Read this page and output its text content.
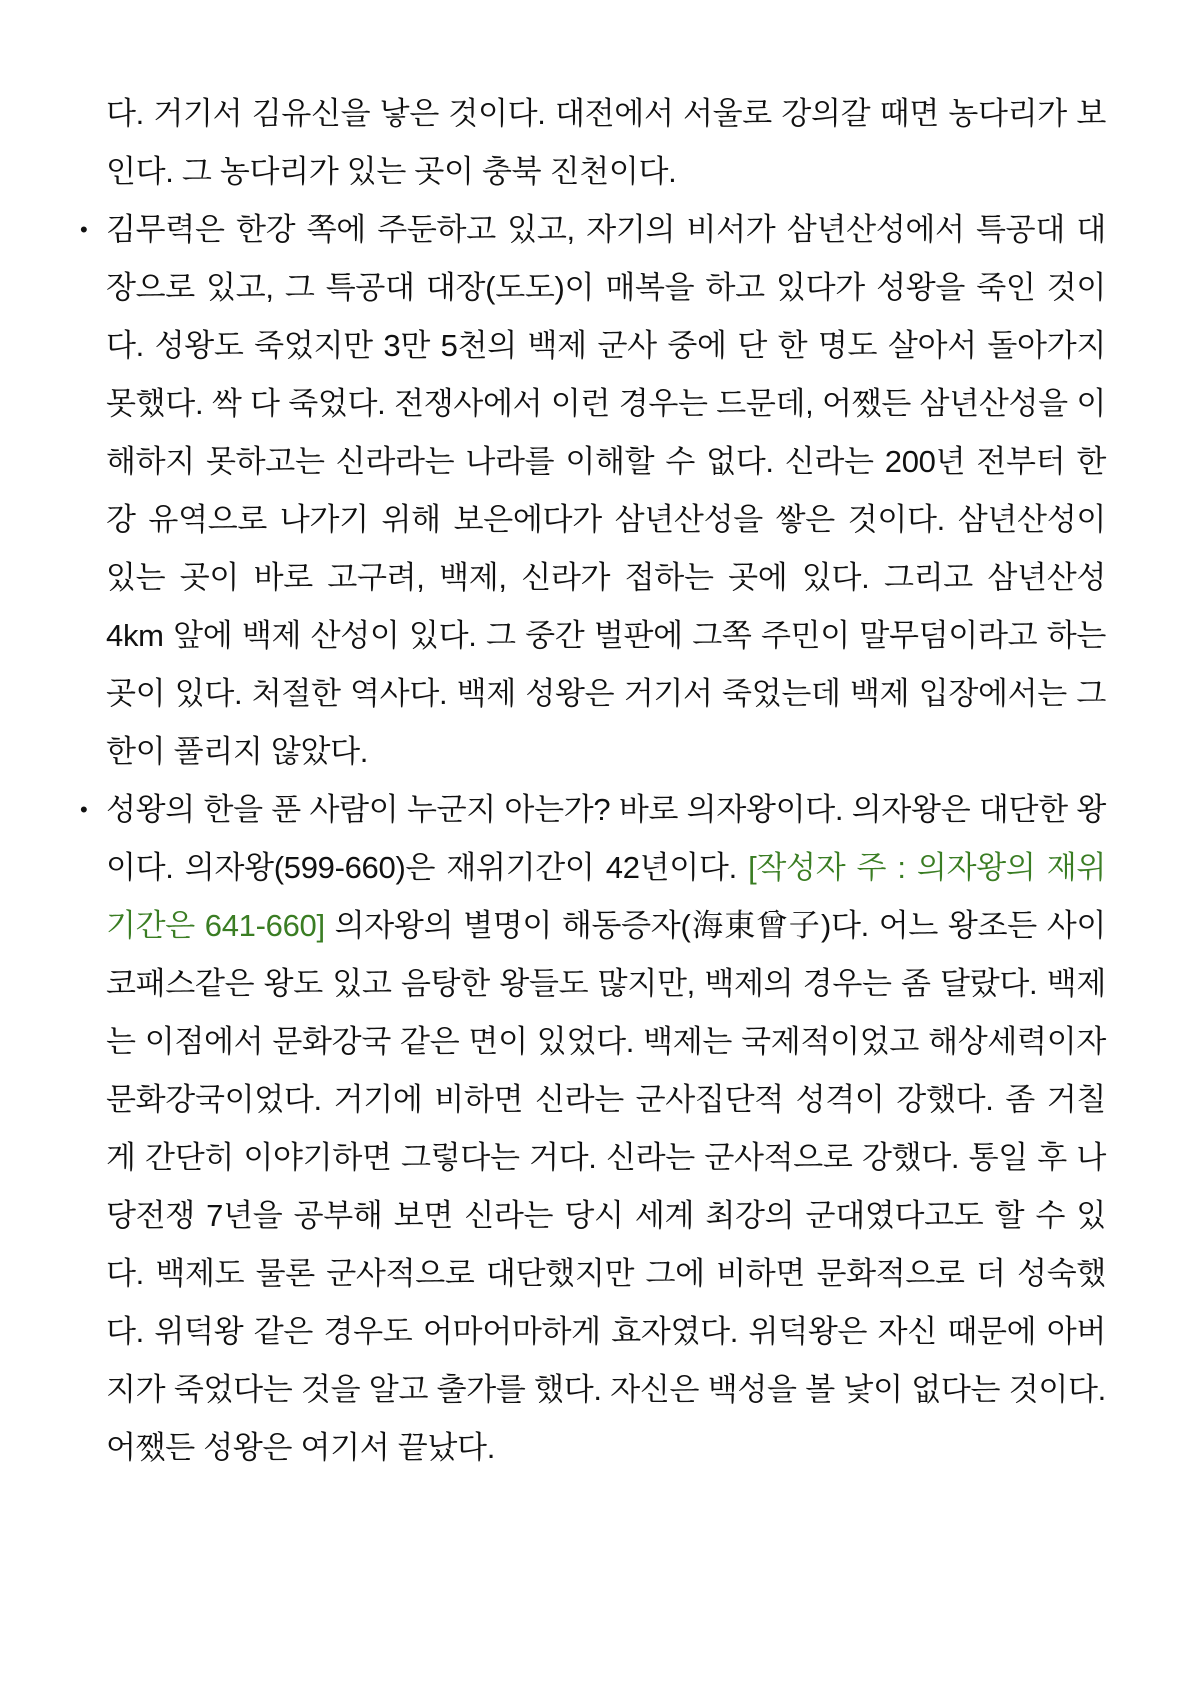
다. 거기서 김유신을 낳은 것이다. 대전에서 서울로 강의갈 때면 농다리가 보인다. 그 농다리가 있는 곳이 충북 진천이다.

• 김무력은 한강 쪽에 주둔하고 있고, 자기의 비서가 삼년산성에서 특공대 대장으로 있고, 그 특공대 대장(도도)이 매복을 하고 있다가 성왕을 죽인 것이다. 성왕도 죽었지만 3만 5천의 백제 군사 중에 단 한 명도 살아서 돌아가지 못했다. 싹 다 죽었다. 전쟁사에서 이런 경우는 드문데, 어쨌든 삼년산성을 이해하지 못하고는 신라라는 나라를 이해할 수 없다. 신라는 200년 전부터 한강 유역으로 나가기 위해 보은에다가 삼년산성을 쌓은 것이다. 삼년산성이 있는 곳이 바로 고구려, 백제, 신라가 접하는 곳에 있다. 그리고 삼년산성 4km 앞에 백제 산성이 있다. 그 중간 벌판에 그쪽 주민이 말무덤이라고 하는 곳이 있다. 처절한 역사다. 백제 성왕은 거기서 죽었는데 백제 입장에서는 그 한이 풀리지 않았다.

• 성왕의 한을 푼 사람이 누군지 아는가? 바로 의자왕이다. 의자왕은 대단한 왕이다. 의자왕(599-660)은 재위기간이 42년이다. [작성자 주 : 의자왕의 재위기간은 641-660] 의자왕의 별명이 해동증자(海東曾子)다. 어느 왕조든 사이코패스같은 왕도 있고 음탕한 왕들도 많지만, 백제의 경우는 좀 달랐다. 백제는 이점에서 문화강국 같은 면이 있었다. 백제는 국제적이었고 해상세력이자 문화강국이었다. 거기에 비하면 신라는 군사집단적 성격이 강했다. 좀 거칠게 간단히 이야기하면 그렇다는 거다. 신라는 군사적으로 강했다. 통일 후 나당전쟁 7년을 공부해 보면 신라는 당시 세계 최강의 군대였다고도 할 수 있다. 백제도 물론 군사적으로 대단했지만 그에 비하면 문화적으로 더 성숙했다. 위덕왕 같은 경우도 어마어마하게 효자였다. 위덕왕은 자신 때문에 아버지가 죽었다는 것을 알고 출가를 했다. 자신은 백성을 볼 낯이 없다는 것이다. 어쨌든 성왕은 여기서 끝났다.
